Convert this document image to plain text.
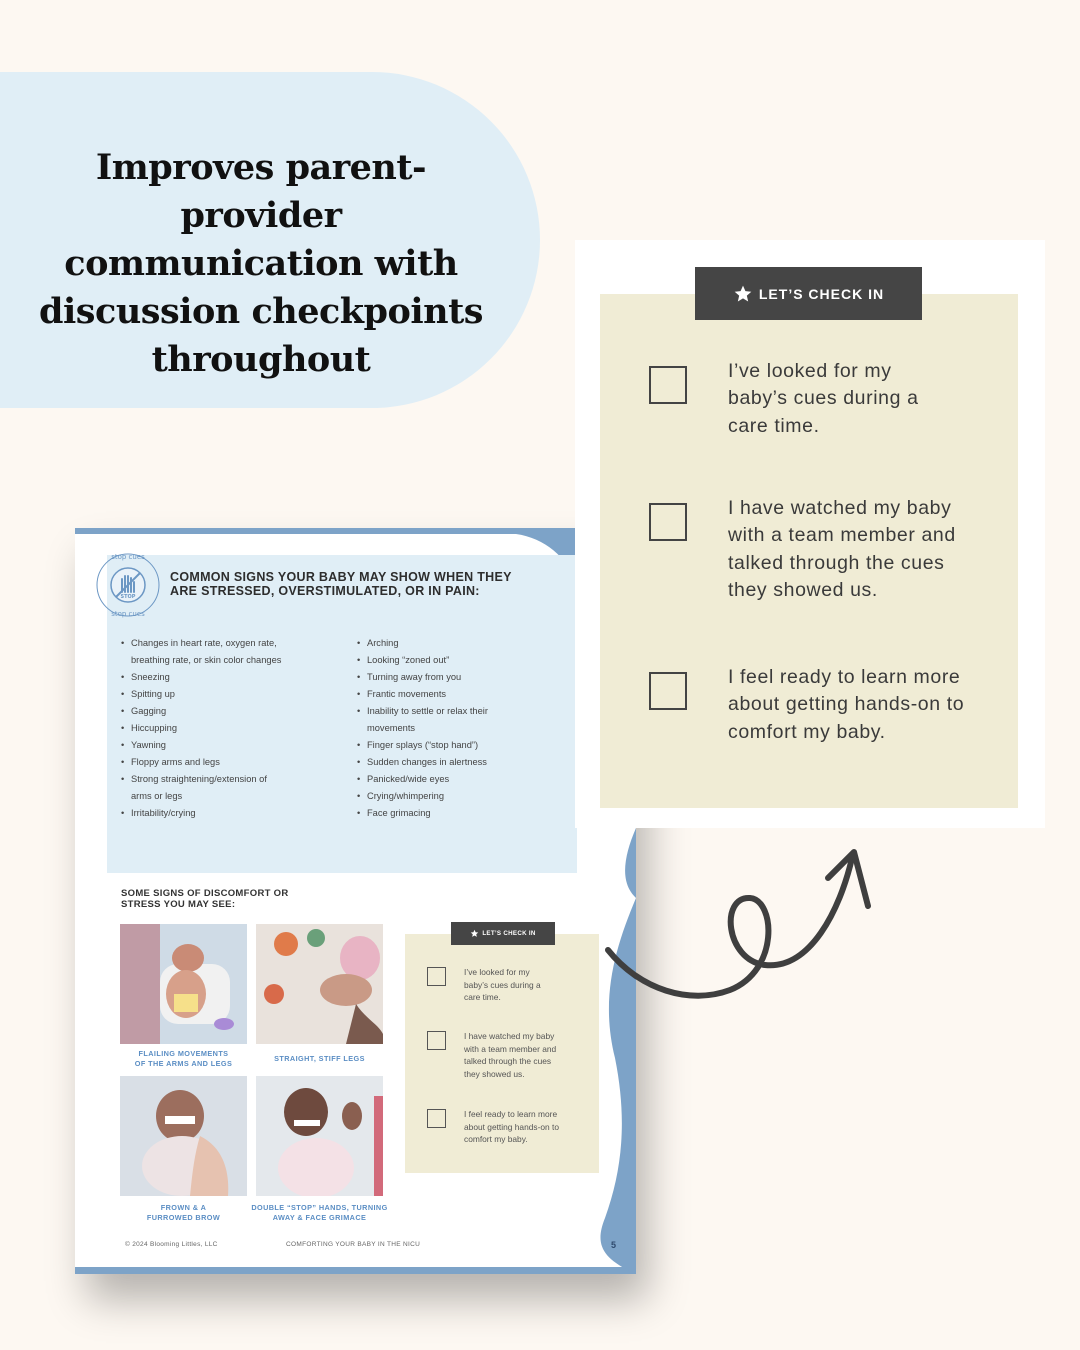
Improves parent-provider
communication with
discussion checkpoints
throughout
stop cues
stop cues
STOP
COMMON SIGNS YOUR BABY MAY SHOW WHEN THEY
ARE STRESSED, OVERSTIMULATED, OR IN PAIN:
• Changes in heart rate, oxygen rate,
breathing rate, or skin color changes
• Sneezing
• Spitting up
• Gagging
• Hiccupping
• Yawning
• Floppy arms and legs
• Strong straightening/extension of
arms or legs
• Irritability/crying
• Arching
• Looking “zoned out”
• Turning away from you
• Frantic movements
• Inability to settle or relax their
movements
• Finger splays (“stop hand”)
• Sudden changes in alertness
• Panicked/wide eyes
• Crying/whimpering
• Face grimacing
SOME SIGNS OF DISCOMFORT OR
STRESS YOU MAY SEE:
FLAILING MOVEMENTS
OF THE ARMS AND LEGS
STRAIGHT, STIFF LEGS
FROWN & A
FURROWED BROW
DOUBLE “STOP” HANDS, TURNING
AWAY & FACE GRIMACE
LET’S CHECK IN
I’ve looked for my
baby’s cues during a
care time.
I have watched my baby
with a team member and
talked through the cues
they showed us.
I feel ready to learn more
about getting hands-on to
comfort my baby.
© 2024 Blooming Littles, LLC	COMFORTING YOUR BABY IN THE NICU	5
LET’S CHECK IN
I’ve looked for my
baby’s cues during a
care time.
I have watched my baby
with a team member and
talked through the cues
they showed us.
I feel ready to learn more
about getting hands-on to
comfort my baby.
